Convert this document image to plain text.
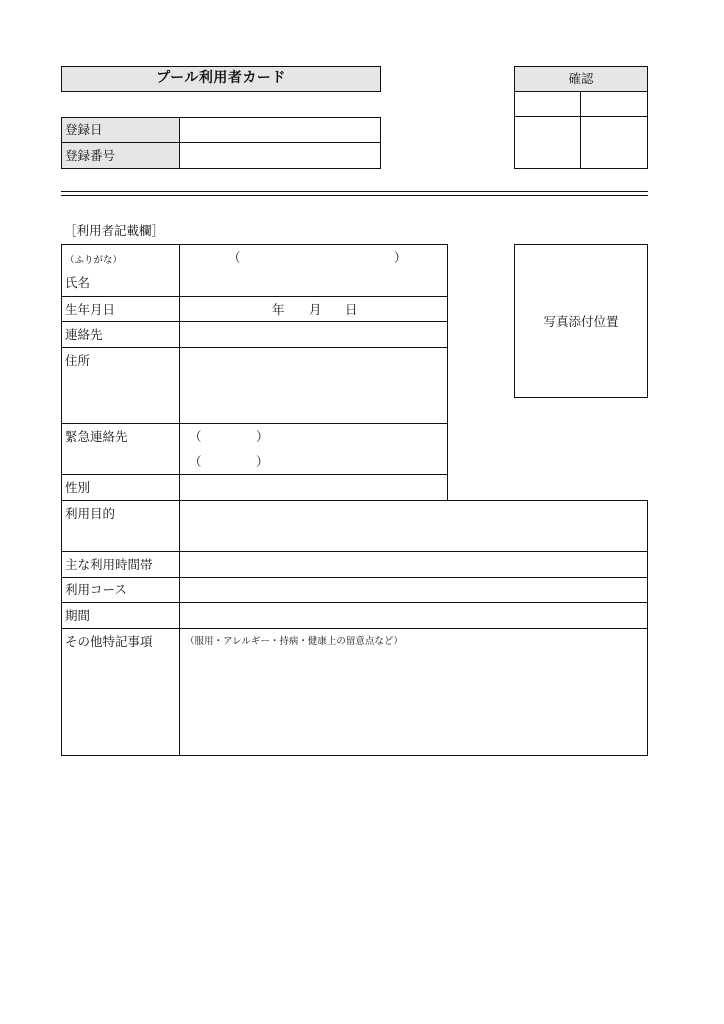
プール利用者カード	確認
登録日
登録番号
［利用者記載欄］
写真添付位置
（ふりがな）	（	）
氏名
生年月日	年 月 日
連絡先
住所
緊急連絡先	（	）
（	）
性別
利用目的
主な利用時間帯
利用コース
期間
その他特記事項	（服用・アレルギー・持病・健康上の留意点など）
